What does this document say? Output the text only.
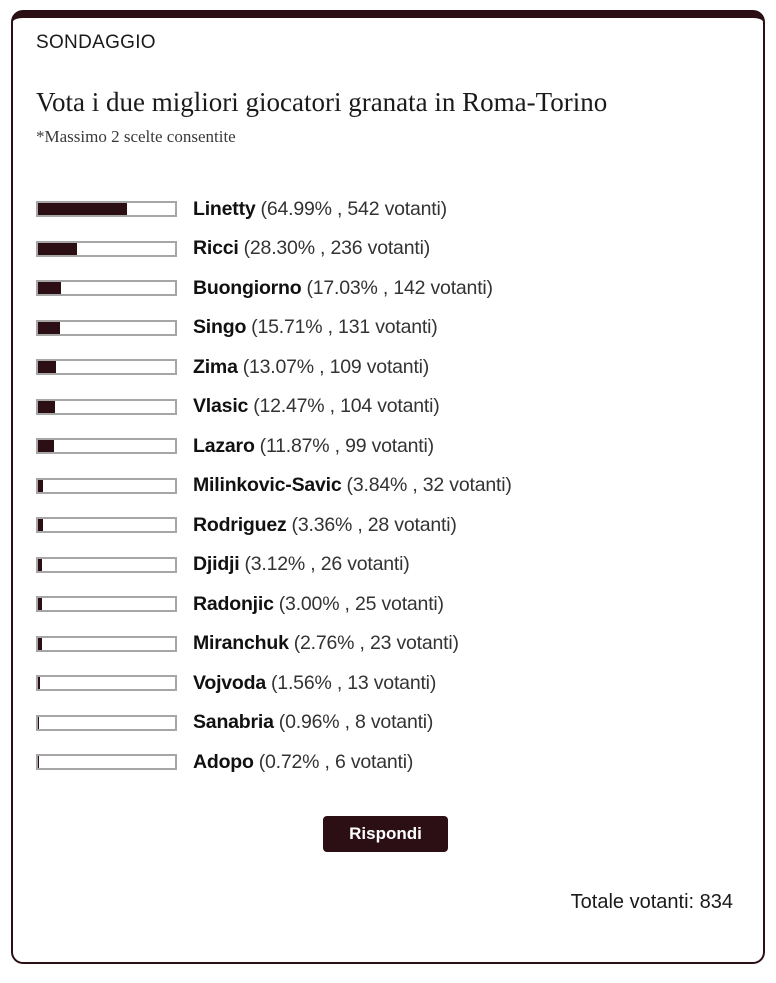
SONDAGGIO
Vota i due migliori giocatori granata in Roma-Torino
*Massimo 2 scelte consentite
Linetty (64.99% , 542 votanti)
Ricci (28.30% , 236 votanti)
Buongiorno (17.03% , 142 votanti)
Singo (15.71% , 131 votanti)
Zima (13.07% , 109 votanti)
Vlasic (12.47% , 104 votanti)
Lazaro (11.87% , 99 votanti)
Milinkovic-Savic (3.84% , 32 votanti)
Rodriguez (3.36% , 28 votanti)
Djidji (3.12% , 26 votanti)
Radonjic (3.00% , 25 votanti)
Miranchuk (2.76% , 23 votanti)
Vojvoda (1.56% , 13 votanti)
Sanabria (0.96% , 8 votanti)
Adopo (0.72% , 6 votanti)
Rispondi
Totale votanti: 834
